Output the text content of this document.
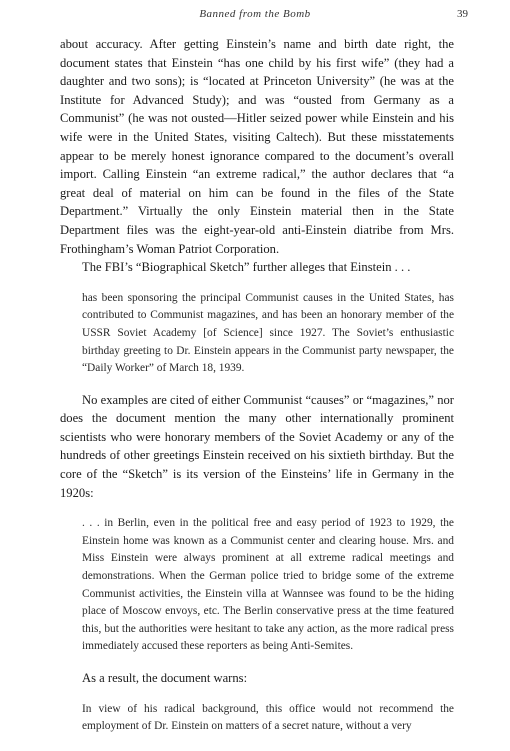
Banned from the Bomb	39

about accuracy. After getting Einstein’s name and birth date right, the document states that Einstein “has one child by his first wife” (they had a daughter and two sons); is “located at Princeton University” (he was at the Institute for Advanced Study); and was “ousted from Germany as a Communist” (he was not ousted—Hitler seized power while Einstein and his wife were in the United States, visiting Caltech). But these misstatements appear to be merely honest ignorance compared to the document’s overall import. Calling Einstein “an extreme radical,” the author declares that “a great deal of material on him can be found in the files of the State Department.” Virtually the only Einstein material then in the State Department files was the eight-year-old anti-Einstein diatribe from Mrs. Frothingham’s Woman Patriot Corporation.

The FBI’s “Biographical Sketch” further alleges that Einstein . . .

has been sponsoring the principal Communist causes in the United States, has contributed to Communist magazines, and has been an honorary member of the USSR Soviet Academy [of Science] since 1927. The Soviet’s enthusiastic birthday greeting to Dr. Einstein appears in the Communist party newspaper, the “Daily Worker” of March 18, 1939.

No examples are cited of either Communist “causes” or “magazines,” nor does the document mention the many other internationally prominent scientists who were honorary members of the Soviet Academy or any of the hundreds of other greetings Einstein received on his sixtieth birthday. But the core of the “Sketch” is its version of the Einsteins’ life in Germany in the 1920s:

. . . in Berlin, even in the political free and easy period of 1923 to 1929, the Einstein home was known as a Communist center and clearing house. Mrs. and Miss Einstein were always prominent at all extreme radical meetings and demonstrations. When the German police tried to bridge some of the extreme Communist activities, the Einstein villa at Wannsee was found to be the hiding place of Moscow envoys, etc. The Berlin conservative press at the time featured this, but the authorities were hesitant to take any action, as the more radical press immediately accused these reporters as being Anti-Semites.

As a result, the document warns:

In view of his radical background, this office would not recommend the employment of Dr. Einstein on matters of a secret nature, without a very
